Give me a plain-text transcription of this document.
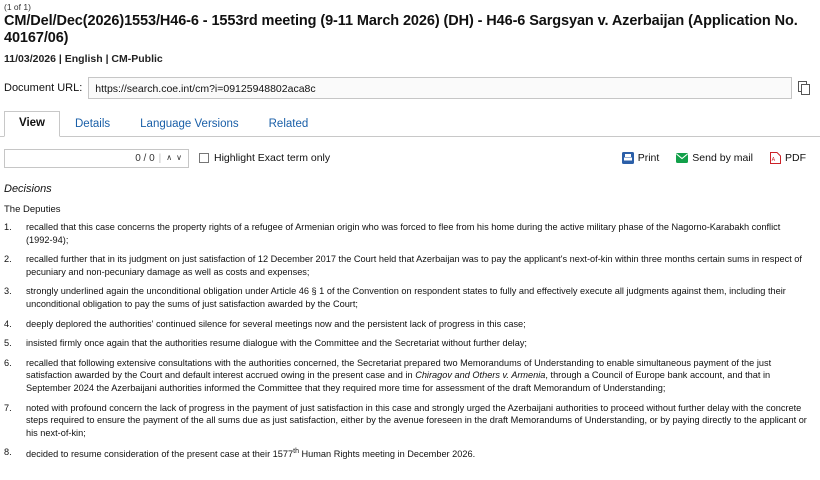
(1 of 1)
CM/Del/Dec(2026)1553/H46-6 - 1553rd meeting (9-11 March 2026) (DH) - H46-6 Sargsyan v. Azerbaijan (Application No. 40167/06)
11/03/2026 | English | CM-Public
Document URL:	https://search.coe.int/cm?i=09125948802aca8c
View	Details	Language Versions	Related
0 / 0 | ∧ ∨	Highlight Exact term only	Print	Send by mail	A PDF
Decisions
The Deputies
1.	recalled that this case concerns the property rights of a refugee of Armenian origin who was forced to flee from his home during the active military phase of the Nagorno-Karabakh conflict (1992-94);
2.	recalled further that in its judgment on just satisfaction of 12 December 2017 the Court held that Azerbaijan was to pay the applicant's next-of-kin within three months certain sums in respect of pecuniary and non-pecuniary damage as well as costs and expenses;
3.	strongly underlined again the unconditional obligation under Article 46 § 1 of the Convention on respondent states to fully and effectively execute all judgments against them, including their unconditional obligation to pay the sums of just satisfaction awarded by the Court;
4.	deeply deplored the authorities' continued silence for several meetings now and the persistent lack of progress in this case;
5.	insisted firmly once again that the authorities resume dialogue with the Committee and the Secretariat without further delay;
6.	recalled that following extensive consultations with the authorities concerned, the Secretariat prepared two Memorandums of Understanding to enable simultaneous payment of the just satisfaction awarded by the Court and default interest accrued owing in the present case and in Chiragov and Others v. Armenia, through a Council of Europe bank account, and that in September 2024 the Azerbaijani authorities informed the Committee that they required more time for assessment of the draft Memorandum of Understanding;
7.	noted with profound concern the lack of progress in the payment of just satisfaction in this case and strongly urged the Azerbaijani authorities to proceed without further delay with the concrete steps required to ensure the payment of the all sums due as just satisfaction, either by the avenue foreseen in the draft Memorandums of Understanding, or by paying directly to the applicant or his next-of-kin;
8.	decided to resume consideration of the present case at their 1577th Human Rights meeting in December 2026.
